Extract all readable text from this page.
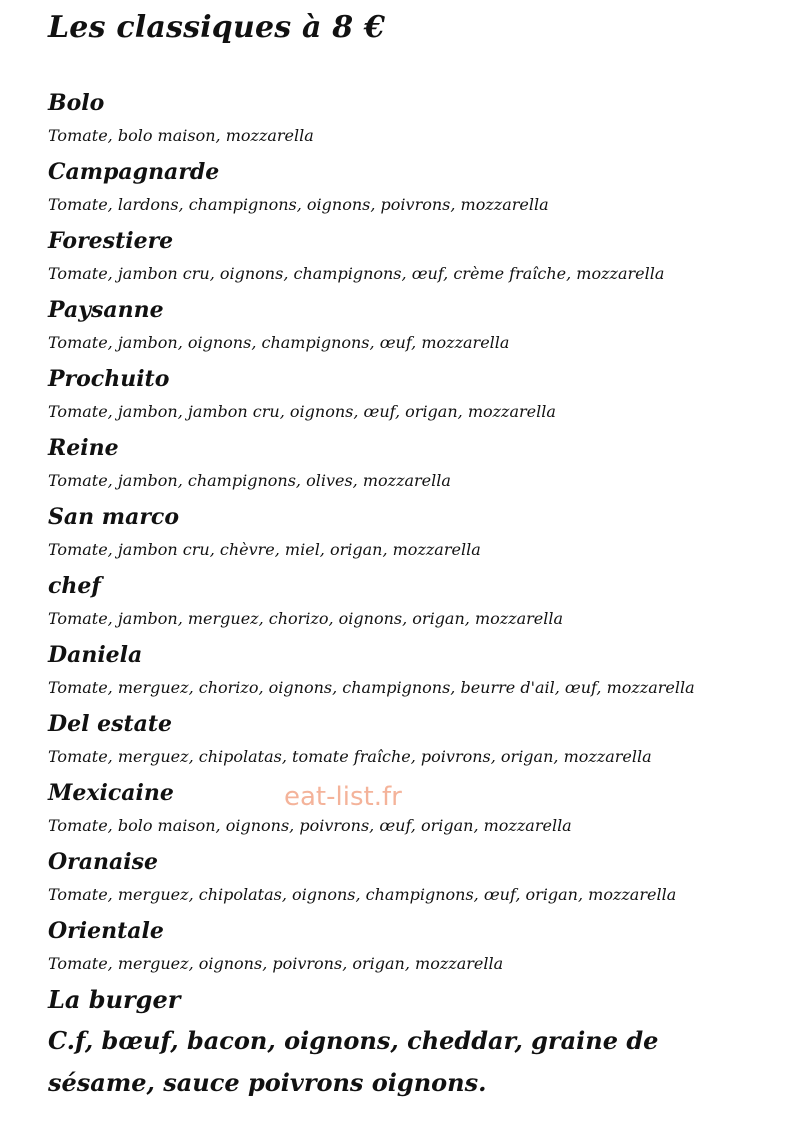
Les classiques à 8 €
Bolo
Tomate, bolo maison, mozzarella
Campagnarde
Tomate, lardons, champignons, oignons, poivrons, mozzarella
Forestiere
Tomate, jambon cru, oignons, champignons, œuf, crème fraîche, mozzarella
Paysanne
Tomate, jambon, oignons, champignons, œuf, mozzarella
Prochuito
Tomate, jambon, jambon cru, oignons, œuf, origan, mozzarella
Reine
Tomate, jambon, champignons, olives, mozzarella
San marco
Tomate, jambon cru, chèvre, miel, origan, mozzarella
chef
Tomate, jambon, merguez, chorizo, oignons, origan, mozzarella
Daniela
Tomate, merguez, chorizo, oignons, champignons, beurre d'ail, œuf, mozzarella
Del estate
Tomate, merguez, chipolatas, tomate fraîche, poivrons, origan, mozzarella
Mexicaine
Tomate, bolo maison, oignons, poivrons, œuf, origan, mozzarella
Oranaise
Tomate, merguez, chipolatas, oignons, champignons, œuf, origan, mozzarella
Orientale
Tomate, merguez, oignons, poivrons, origan, mozzarella
La burger
C.f, bœuf, bacon, oignons, cheddar, graine de sésame, sauce poivrons oignons.
eat-list.fr
